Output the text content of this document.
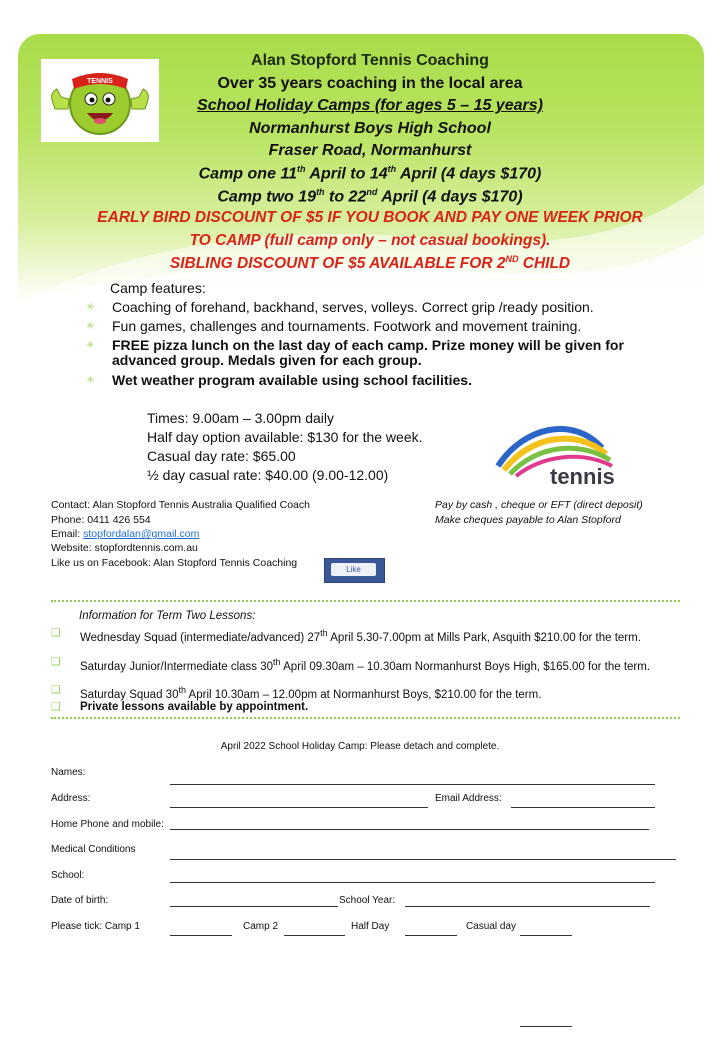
TENNIS
Alan Stopford Tennis Coaching
Over 35 years coaching in the local area
School Holiday Camps (for ages 5 – 15 years)
Normanhurst Boys High School
Fraser Road, Normanhurst
Camp one 11th April to 14th April (4 days $170)
Camp two 19th to 22nd April (4 days $170)
EARLY BIRD DISCOUNT OF $5 IF YOU BOOK AND PAY ONE WEEK PRIOR
TO CAMP (full camp only – not casual bookings).
SIBLING DISCOUNT OF $5 AVAILABLE FOR 2ND CHILD
Camp features:
✳ Coaching of forehand, backhand, serves, volleys. Correct grip /ready position.
✳ Fun games, challenges and tournaments. Footwork and movement training.
✳ FREE pizza lunch on the last day of each camp. Prize money will be given for advanced group. Medals given for each group.
✳ Wet weather program available using school facilities.
Times: 9.00am – 3.00pm daily
Half day option available: $130 for the week.
Casual day rate: $65.00
½ day casual rate: $40.00 (9.00-12.00)	tennis
Contact: Alan Stopford Tennis Australia Qualified Coach
Phone: 0411 426 554
Email: stopfordalan@gmail.com
Website: stopfordtennis.com.au
Like us on Facebook: Alan Stopford Tennis Coaching
Like
Pay by cash , cheque or EFT (direct deposit)
Make cheques payable to Alan Stopford
Information for Term Two Lessons:
❑ Wednesday Squad (intermediate/advanced) 27th April 5.30-7.00pm at Mills Park, Asquith $210.00 for the term.
❑ Saturday Junior/Intermediate class 30th April 09.30am – 10.30am Normanhurst Boys High, $165.00 for the term.
❑ Saturday Squad 30th April 10.30am – 12.00pm at Normanhurst Boys, $210.00 for the term.
❑ Private lessons available by appointment.
April 2022 School Holiday Camp: Please detach and complete.
Names:
Address:	Email Address:
Home Phone and mobile:
Medical Conditions
School:
Date of birth:	School Year:
Please tick: Camp 1	Camp 2	Half Day	Casual day
